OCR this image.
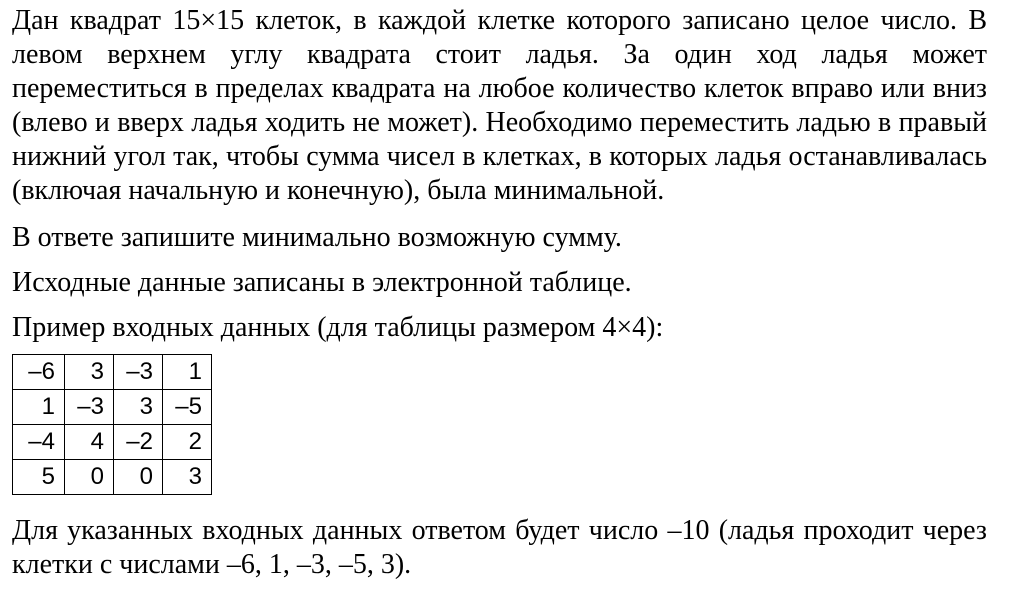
Дан квадрат 15×15 клеток, в каждой клетке которого записано целое число. В левом верхнем углу квадрата стоит ладья. За один ход ладья может переместиться в пределах квадрата на любое количество клеток вправо или вниз (влево и вверх ладья ходить не может). Необходимо переместить ладью в правый нижний угол так, чтобы сумма чисел в клетках, в которых ладья останавливалась (включая начальную и конечную), была минимальной.

В ответе запишите минимально возможную сумму.

Исходные данные записаны в электронной таблице.

Пример входных данных (для таблицы размером 4×4):

–6	3	–3	1
1	–3	3	–5
–4	4	–2	2
5	0	0	3

Для указанных входных данных ответом будет число –10 (ладья проходит через клетки с числами –6, 1, –3, –5, 3).
